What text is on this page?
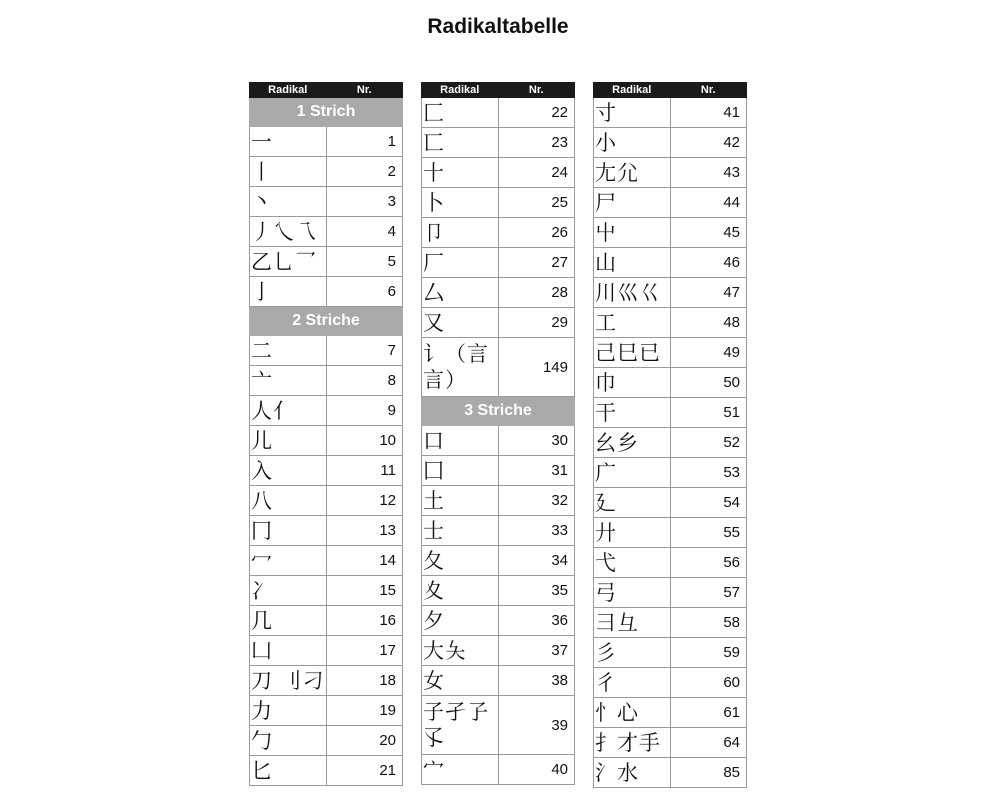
Radikaltabelle
Radikal	Nr.
1 Strich	
一	1
丨	2
丶	3
丿乀乁	4
乙乚乛	5
亅	6
2 Striche	
二	7
亠	8
人亻	9
儿	10
入	11
八	12
冂	13
冖	14
冫	15
几	16
凵	17
刀 刂刁	18
力	19
勹	20
匕	21
Radikal	Nr.
匚	22
匸	23
十	24
卜	25
卩	26
厂	27
厶	28
又	29
讠（言 言）	149
3 Striche	
口	30
囗	31
土	32
士	33
夂	34
夊	35
夕	36
大夨	37
女	38
子孑孒孓	39
宀	40
Radikal	Nr.
寸	41
小	42
尢尣	43
尸	44
屮	45
山	46
川巛巜	47
工	48
己巳已	49
巾	50
干	51
幺乡	52
广	53
廴	54
廾	55
弋	56
弓	57
彐彑	58
彡	59
彳	60
忄心	61
扌才手	64
氵水	85
